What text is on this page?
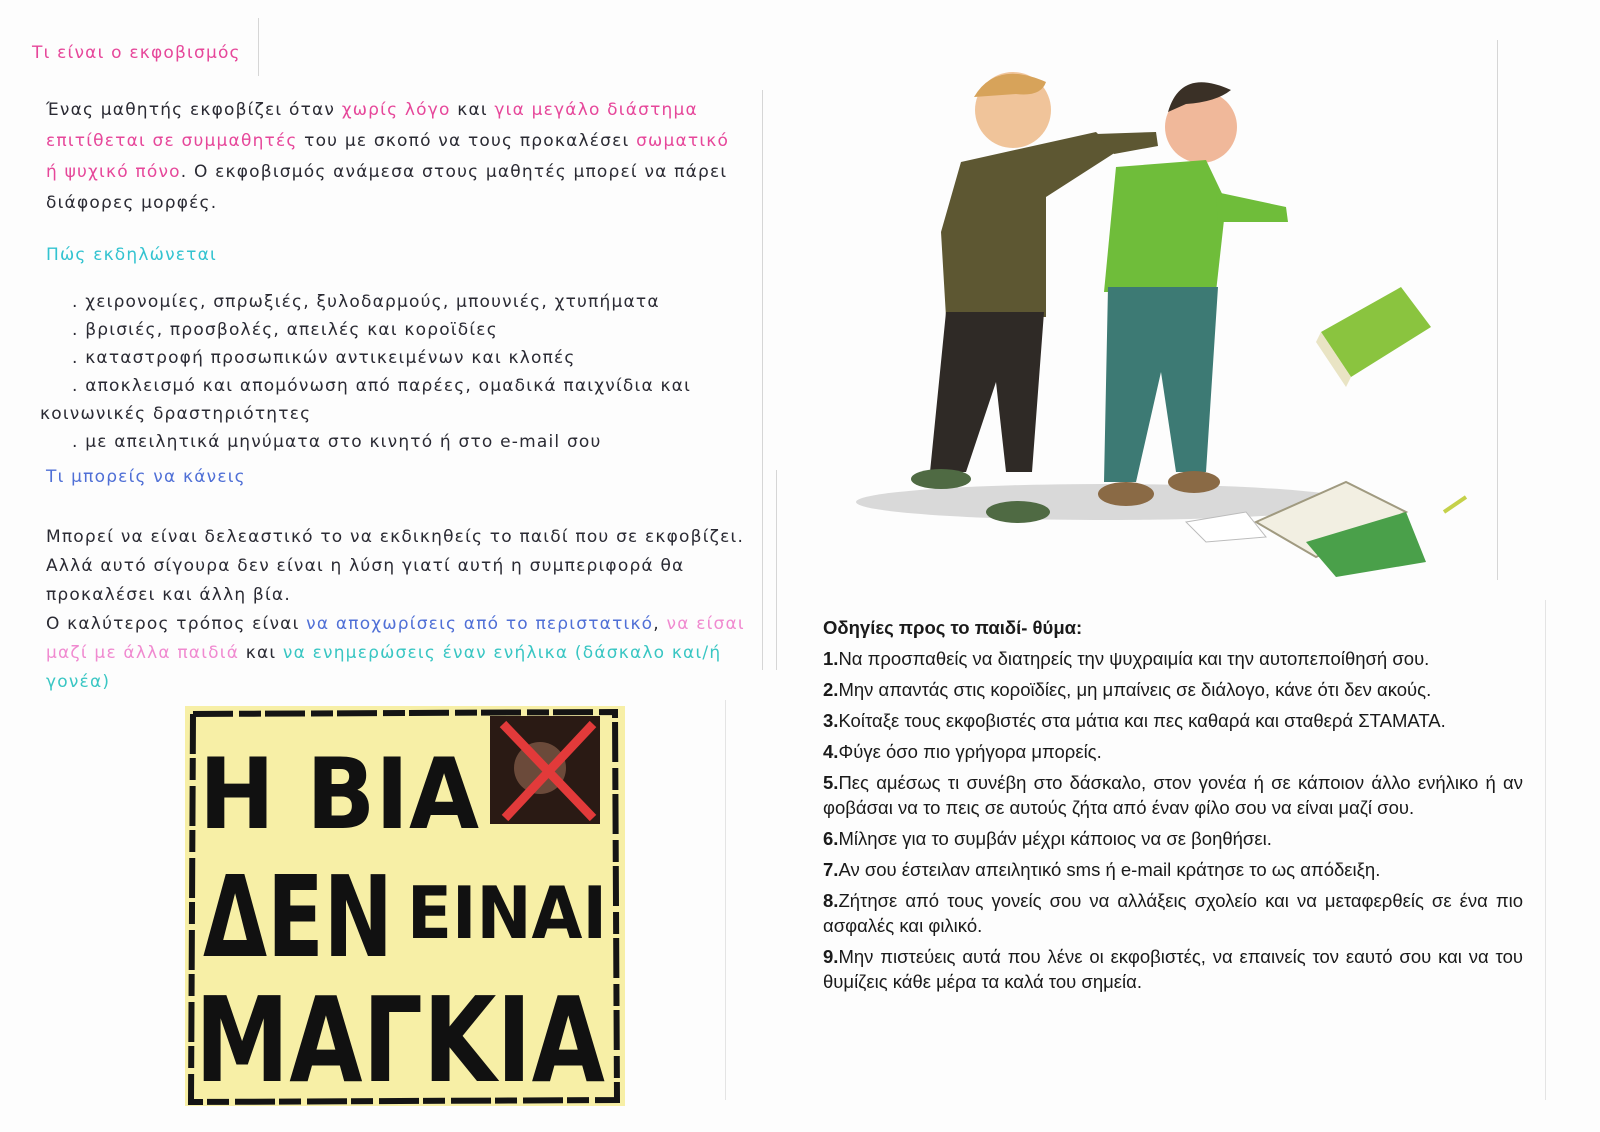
Τι είναι ο εκφοβισμός
Ένας μαθητής εκφοβίζει όταν χωρίς λόγο και για μεγάλο διάστημα επιτίθεται σε συμμαθητές του με σκοπό να τους προκαλέσει σωματικό ή ψυχικό πόνο. Ο εκφοβισμός ανάμεσα στους μαθητές μπορεί να πάρει διάφορες μορφές.
Πώς εκδηλώνεται
. χειρονομίες, σπρωξιές, ξυλοδαρμούς, μπουνιές, χτυπήματα
. βρισιές, προσβολές, απειλές και κοροϊδίες
. καταστροφή προσωπικών αντικειμένων και κλοπές
. αποκλεισμό και απομόνωση από παρέες, ομαδικά παιχνίδια και
κοινωνικές δραστηριότητες
. με απειλητικά μηνύματα στο κινητό ή στο e-mail σου
Τι μπορείς να κάνεις
Μπορεί να είναι δελεαστικό το να εκδικηθείς το παιδί που σε εκφοβίζει. Αλλά αυτό σίγουρα δεν είναι η λύση γιατί αυτή η συμπεριφορά θα προκαλέσει και άλλη βία.
Ο καλύτερος τρόπος είναι να αποχωρίσεις από το περιστατικό, να είσαι μαζί με άλλα παιδιά και να ενημερώσεις έναν ενήλικα (δάσκαλο και/ή γονέα)
Η ΒΙΑ
ΔΕΝ ΕΙΝΑΙ
ΜΑΓΚΙΑ
Οδηγίες προς το παιδί- θύμα:
1.Να προσπαθείς να διατηρείς την ψυχραιμία και την αυτοπεποίθησή σου.
2.Μην απαντάς στις κοροϊδίες, μη μπαίνεις σε διάλογο, κάνε ότι δεν ακούς.
3.Κοίταξε τους εκφοβιστές στα μάτια και πες καθαρά και σταθερά ΣΤΑΜΑΤΑ.
4.Φύγε όσο πιο γρήγορα μπορείς.
5.Πες αμέσως τι συνέβη στο δάσκαλο, στον γονέα ή σε κάποιον άλλο ενήλικο ή αν φοβάσαι να το πεις σε αυτούς ζήτα από έναν φίλο σου να είναι μαζί σου.
6.Μίλησε για το συμβάν μέχρι κάποιος να σε βοηθήσει.
7.Αν σου έστειλαν απειλητικό sms ή e-mail κράτησε το ως απόδειξη.
8.Ζήτησε από τους γονείς σου να αλλάξεις σχολείο και να μεταφερθείς σε ένα πιο ασφαλές και φιλικό.
9.Μην πιστεύεις αυτά που λένε οι εκφοβιστές, να επαινείς τον εαυτό σου και να του θυμίζεις κάθε μέρα τα καλά του σημεία.
